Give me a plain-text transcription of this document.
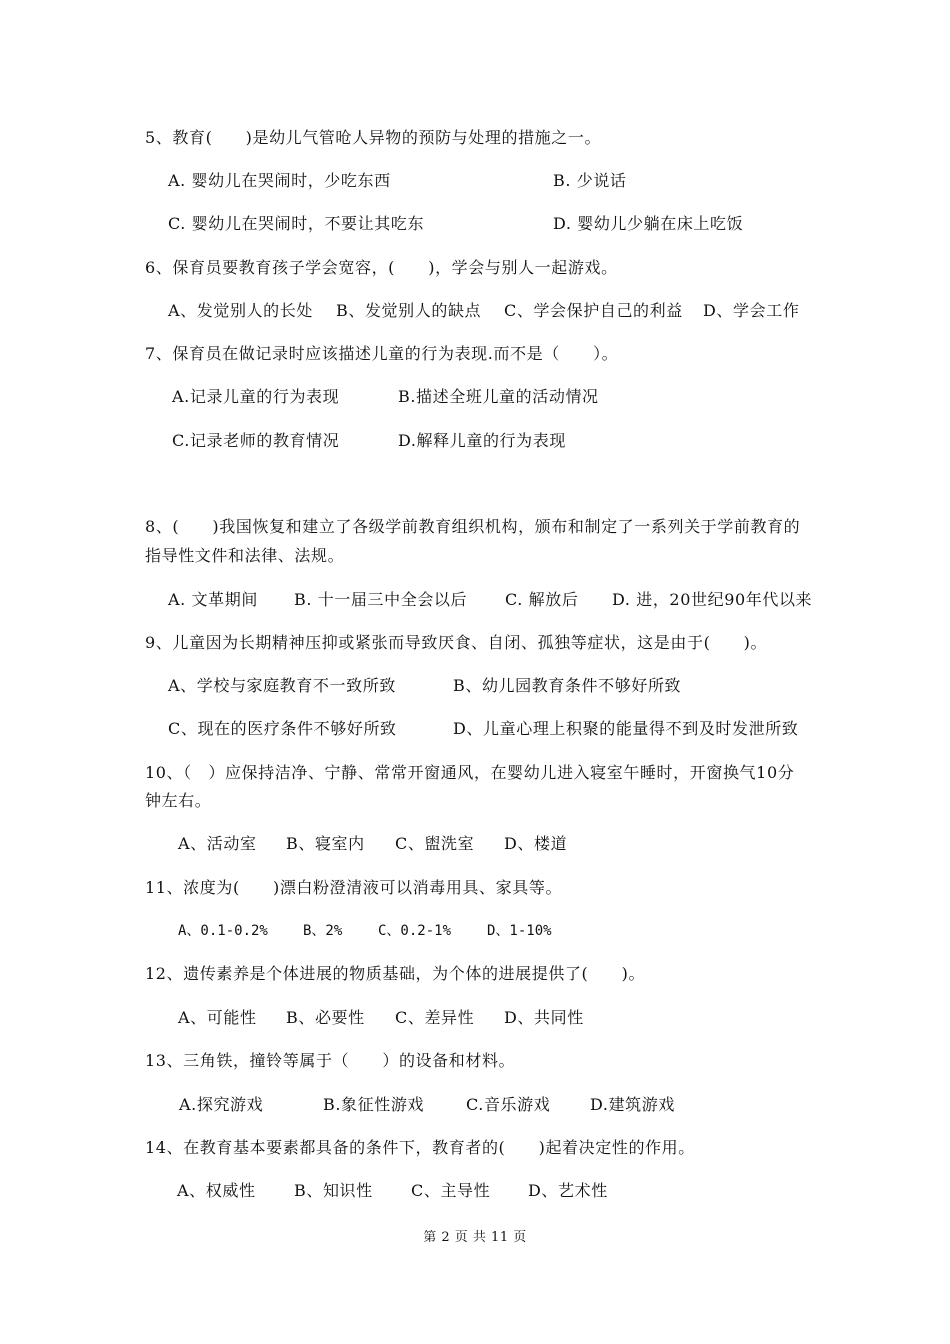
5、教育(　　)是幼儿气管呛人异物的预防与处理的措施之一。
A. 婴幼儿在哭闹时，少吃东西	B. 少说话
C. 婴幼儿在哭闹时，不要让其吃东	D. 婴幼儿少躺在床上吃饭
6、保育员要教育孩子学会宽容，(　　)，学会与别人一起游戏。
A、发觉别人的长处 B、发觉别人的缺点 C、学会保护自己的利益 D、学会工作
7、保育员在做记录时应该描述儿童的行为表现.而不是（　　）。
A.记录儿童的行为表现	B.描述全班儿童的活动情况
C.记录老师的教育情况	D.解释儿童的行为表现
8、(　　)我国恢复和建立了各级学前教育组织机构，颁布和制定了一系列关于学前教育的
指导性文件和法律、法规。
A. 文革期间 B. 十一届三中全会以后 C. 解放后 D. 进，20世纪90年代以来
9、儿童因为长期精神压抑或紧张而导致厌食、自闭、孤独等症状，这是由于(　　)。
A、学校与家庭教育不一致所致	B、幼儿园教育条件不够好所致
C、现在的医疗条件不够好所致	D、儿童心理上积聚的能量得不到及时发泄所致
10、（　）应保持洁净、宁静、常常开窗通风，在婴幼儿进入寝室午睡时，开窗换气10分
钟左右。
A、活动室 B、寝室内 C、盥洗室 D、楼道
11、浓度为(　　)漂白粉澄清液可以消毒用具、家具等。
A、0.1-0.2%	B、2%	C、0.2-1%	D、1-10%
12、遗传素养是个体进展的物质基础，为个体的进展提供了(　　)。
A、可能性 B、必要性 C、差异性 D、共同性
13、三角铁，撞铃等属于（　　）的设备和材料。
A.探究游戏	B.象征性游戏	C.音乐游戏 D.建筑游戏
14、在教育基本要素都具备的条件下，教育者的(　　)起着决定性的作用。
A、权威性 B、知识性 C、主导性 D、艺术性
第 2 页 共 11 页
